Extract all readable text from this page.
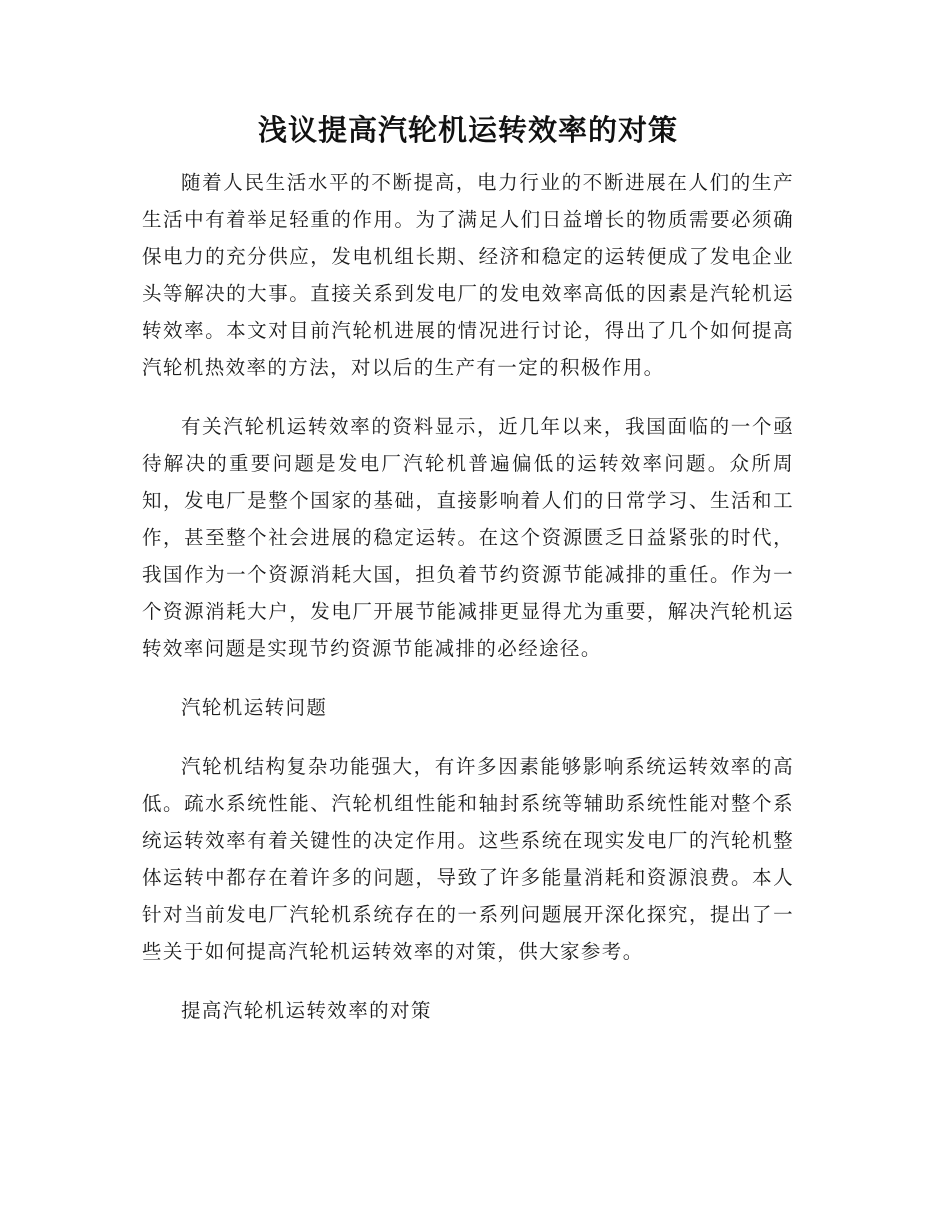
浅议提高汽轮机运转效率的对策

随着人民生活水平的不断提高，电力行业的不断进展在人们的生产生活中有着举足轻重的作用。为了满足人们日益增长的物质需要必须确保电力的充分供应，发电机组长期、经济和稳定的运转便成了发电企业头等解决的大事。直接关系到发电厂的发电效率高低的因素是汽轮机运转效率。本文对目前汽轮机进展的情况进行讨论，得出了几个如何提高汽轮机热效率的方法，对以后的生产有一定的积极作用。

有关汽轮机运转效率的资料显示，近几年以来，我国面临的一个亟待解决的重要问题是发电厂汽轮机普遍偏低的运转效率问题。众所周知，发电厂是整个国家的基础，直接影响着人们的日常学习、生活和工作，甚至整个社会进展的稳定运转。在这个资源匮乏日益紧张的时代，我国作为一个资源消耗大国，担负着节约资源节能减排的重任。作为一个资源消耗大户，发电厂开展节能减排更显得尤为重要，解决汽轮机运转效率问题是实现节约资源节能减排的必经途径。

汽轮机运转问题

汽轮机结构复杂功能强大，有许多因素能够影响系统运转效率的高低。疏水系统性能、汽轮机组性能和轴封系统等辅助系统性能对整个系统运转效率有着关键性的决定作用。这些系统在现实发电厂的汽轮机整体运转中都存在着许多的问题，导致了许多能量消耗和资源浪费。本人针对当前发电厂汽轮机系统存在的一系列问题展开深化探究，提出了一些关于如何提高汽轮机运转效率的对策，供大家参考。

提高汽轮机运转效率的对策
